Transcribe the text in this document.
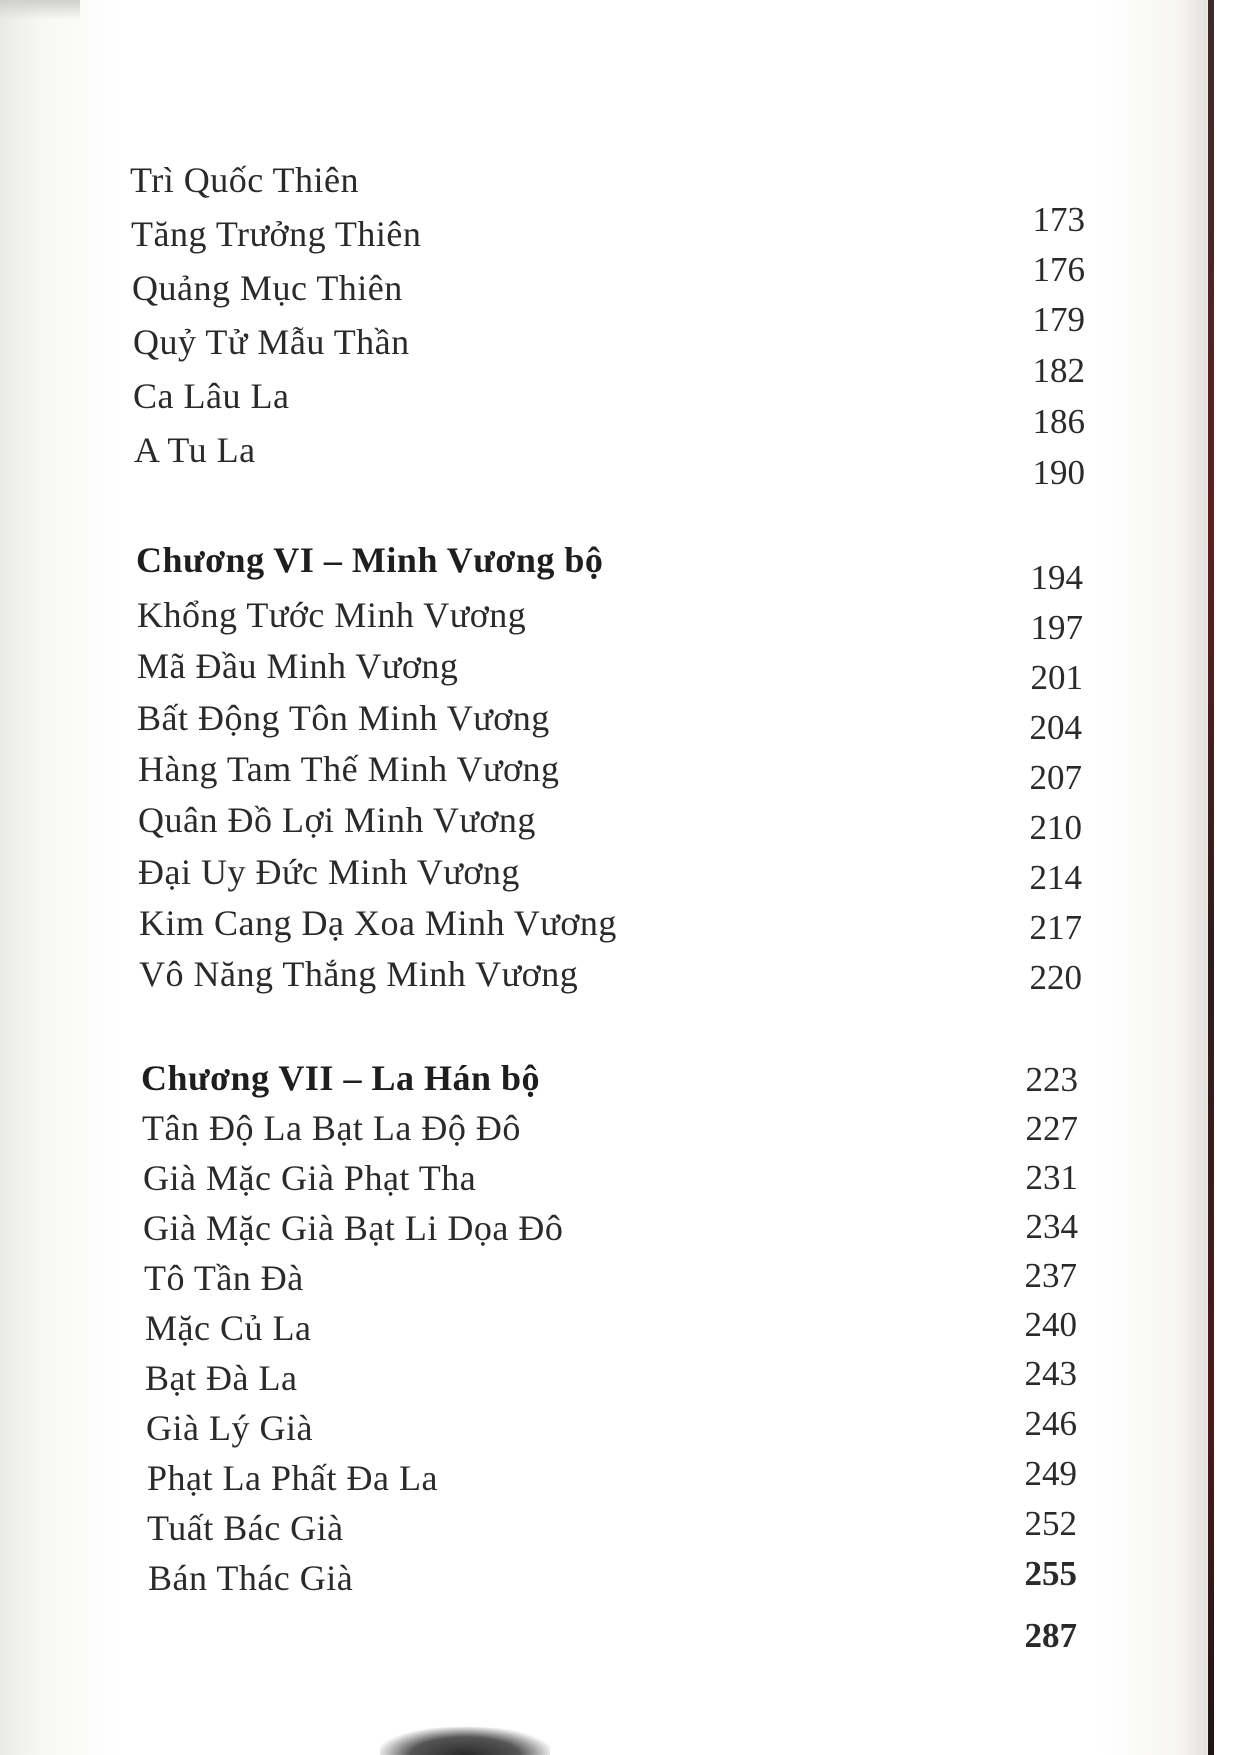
Trì Quốc Thiên
Tăng Trưởng Thiên
Quảng Mục Thiên
Quỷ Tử Mẫu Thần
Ca Lâu La
A Tu La
Chương VI – Minh Vương bộ
Khổng Tước Minh Vương
Mã Đầu Minh Vương
Bất Động Tôn Minh Vương
Hàng Tam Thế Minh Vương
Quân Đồ Lợi Minh Vương
Đại Uy Đức Minh Vương
Kim Cang Dạ Xoa Minh Vương
Vô Năng Thắng Minh Vương
Chương VII – La Hán bộ
Tân Độ La Bạt La Độ Đô
Già Mặc Già Phạt Tha
Già Mặc Già Bạt Li Dọa Đô
Tô Tần Đà
Mặc Củ La
Bạt Đà La
Già Lý Già
Phạt La Phất Đa La
Tuất Bác Già
Bán Thác Già
173
176
179
182
186
190
194
197
201
204
207
210
214
217
220
223
227
231
234
237
240
243
246
249
252
255
287
